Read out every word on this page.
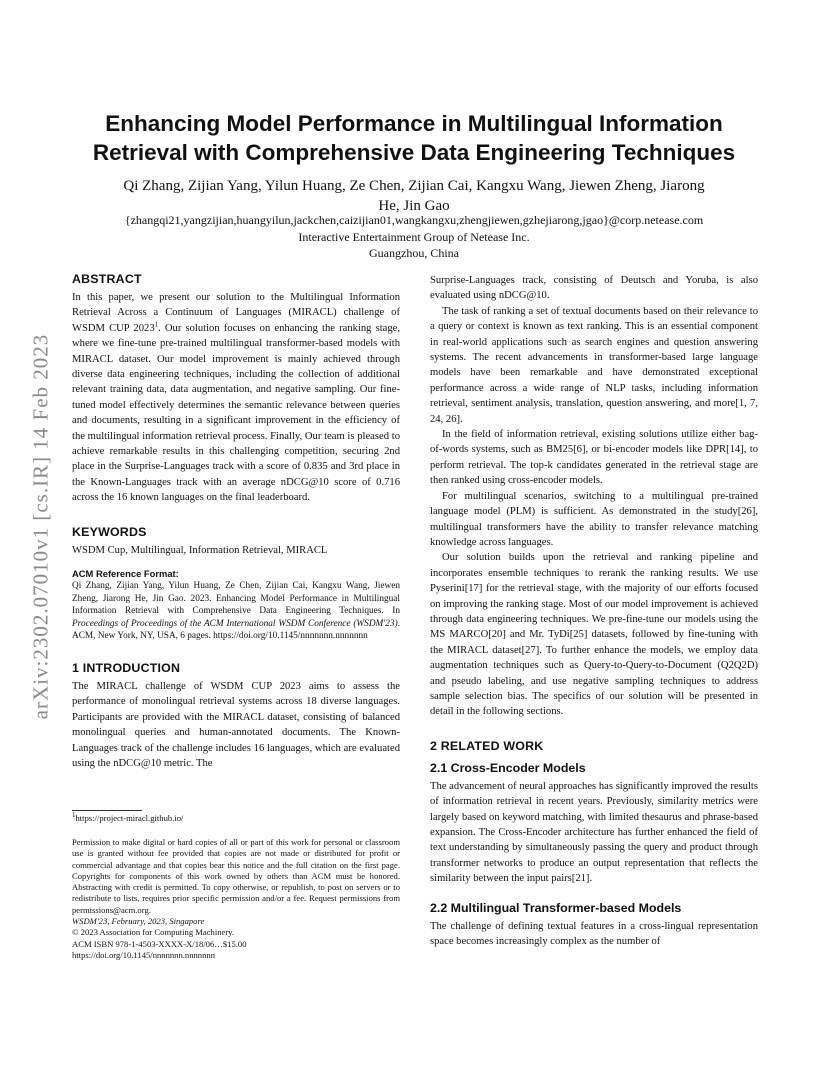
arXiv:2302.07010v1 [cs.IR] 14 Feb 2023
Enhancing Model Performance in Multilingual Information
Retrieval with Comprehensive Data Engineering Techniques
Qi Zhang, Zijian Yang, Yilun Huang, Ze Chen, Zijian Cai, Kangxu Wang, Jiewen Zheng, Jiarong
He, Jin Gao
{zhangqi21,yangzijian,huangyilun,jackchen,caizijian01,wangkangxu,zhengjiewen,gzhejiarong,jgao}@corp.netease.com
Interactive Entertainment Group of Netease Inc.
Guangzhou, China
ABSTRACT

In this paper, we present our solution to the Multilingual Information Retrieval Across a Continuum of Languages (MIRACL) challenge of WSDM CUP 2023$^1$. Our solution focuses on enhancing the ranking stage, where we fine-tune pre-trained multilingual transformer-based models with MIRACL dataset. Our model improvement is mainly achieved through diverse data engineering techniques, including the collection of additional relevant training data, data augmentation, and negative sampling. Our fine-tuned model effectively determines the semantic relevance between queries and documents, resulting in a significant improvement in the efficiency of the multilingual information retrieval process. Finally, Our team is pleased to achieve remarkable results in this challenging competition, securing 2nd place in the Surprise-Languages track with a score of 0.835 and 3rd place in the Known-Languages track with an average nDCG@10 score of 0.716 across the 16 known languages on the final leaderboard.

KEYWORDS

WSDM Cup, Multilingual, Information Retrieval, MIRACL

ACM Reference Format:

Qi Zhang, Zijian Yang, Yilun Huang, Ze Chen, Zijian Cai, Kangxu Wang, Jiewen Zheng, Jiarong He, Jin Gao. 2023. Enhancing Model Performance in Multilingual Information Retrieval with Comprehensive Data Engineering Techniques. In Proceedings of Proceedings of the ACM International WSDM Conference (WSDM'23). ACM, New York, NY, USA, 6 pages. https://doi.org/10.1145/nnnnnnn.nnnnnnn

1 INTRODUCTION

The MIRACL challenge of WSDM CUP 2023 aims to assess the performance of monolingual retrieval systems across 18 diverse languages. Participants are provided with the MIRACL dataset, consisting of balanced monolingual queries and human-annotated documents. The Known-Languages track of the challenge includes 16 languages, which are evaluated using the nDCG@10 metric. The

$^1$https://project-miracl.github.io/

Permission to make digital or hard copies of all or part of this work for personal or classroom use is granted without fee provided that copies are not made or distributed for profit or commercial advantage and that copies bear this notice and the full citation on the first page. Copyrights for components of this work owned by others than ACM must be honored. Abstracting with credit is permitted. To copy otherwise, or republish, to post on servers or to redistribute to lists, requires prior specific permission and/or a fee. Request permissions from permissions@acm.org.

WSDM'23, February, 2023, Singapore

© 2023 Association for Computing Machinery.

ACM ISBN 978-1-4503-XXXX-X/18/06…$15.00

https://doi.org/10.1145/nnnnnnn.nnnnnnn

Surprise-Languages track, consisting of Deutsch and Yoruba, is also evaluated using nDCG@10.

The task of ranking a set of textual documents based on their relevance to a query or context is known as text ranking. This is an essential component in real-world applications such as search engines and question answering systems. The recent advancements in transformer-based large language models have been remarkable and have demonstrated exceptional performance across a wide range of NLP tasks, including information retrieval, sentiment analysis, translation, question answering, and more[1, 7, 24, 26].

In the field of information retrieval, existing solutions utilize either bag-of-words systems, such as BM25[6], or bi-encoder models like DPR[14], to perform retrieval. The top-k candidates generated in the retrieval stage are then ranked using cross-encoder models.

For multilingual scenarios, switching to a multilingual pre-trained language model (PLM) is sufficient. As demonstrated in the study[26], multilingual transformers have the ability to transfer relevance matching knowledge across languages.

Our solution builds upon the retrieval and ranking pipeline and incorporates ensemble techniques to rerank the ranking results. We use Pyserini[17] for the retrieval stage, with the majority of our efforts focused on improving the ranking stage. Most of our model improvement is achieved through data engineering techniques. We pre-fine-tune our models using the MS MARCO[20] and Mr. TyDi[25] datasets, followed by fine-tuning with the MIRACL dataset[27]. To further enhance the models, we employ data augmentation techniques such as Query-to-Query-to-Document (Q2Q2D) and pseudo labeling, and use negative sampling techniques to address sample selection bias. The specifics of our solution will be presented in detail in the following sections.

2 RELATED WORK
2.1 Cross-Encoder Models

The advancement of neural approaches has significantly improved the results of information retrieval in recent years. Previously, similarity metrics were largely based on keyword matching, with limited thesaurus and phrase-based expansion. The Cross-Encoder architecture has further enhanced the field of text understanding by simultaneously passing the query and product through transformer networks to produce an output representation that reflects the similarity between the input pairs[21].

2.2 Multilingual Transformer-based Models

The challenge of defining textual features in a cross-lingual representation space becomes increasingly complex as the number of
